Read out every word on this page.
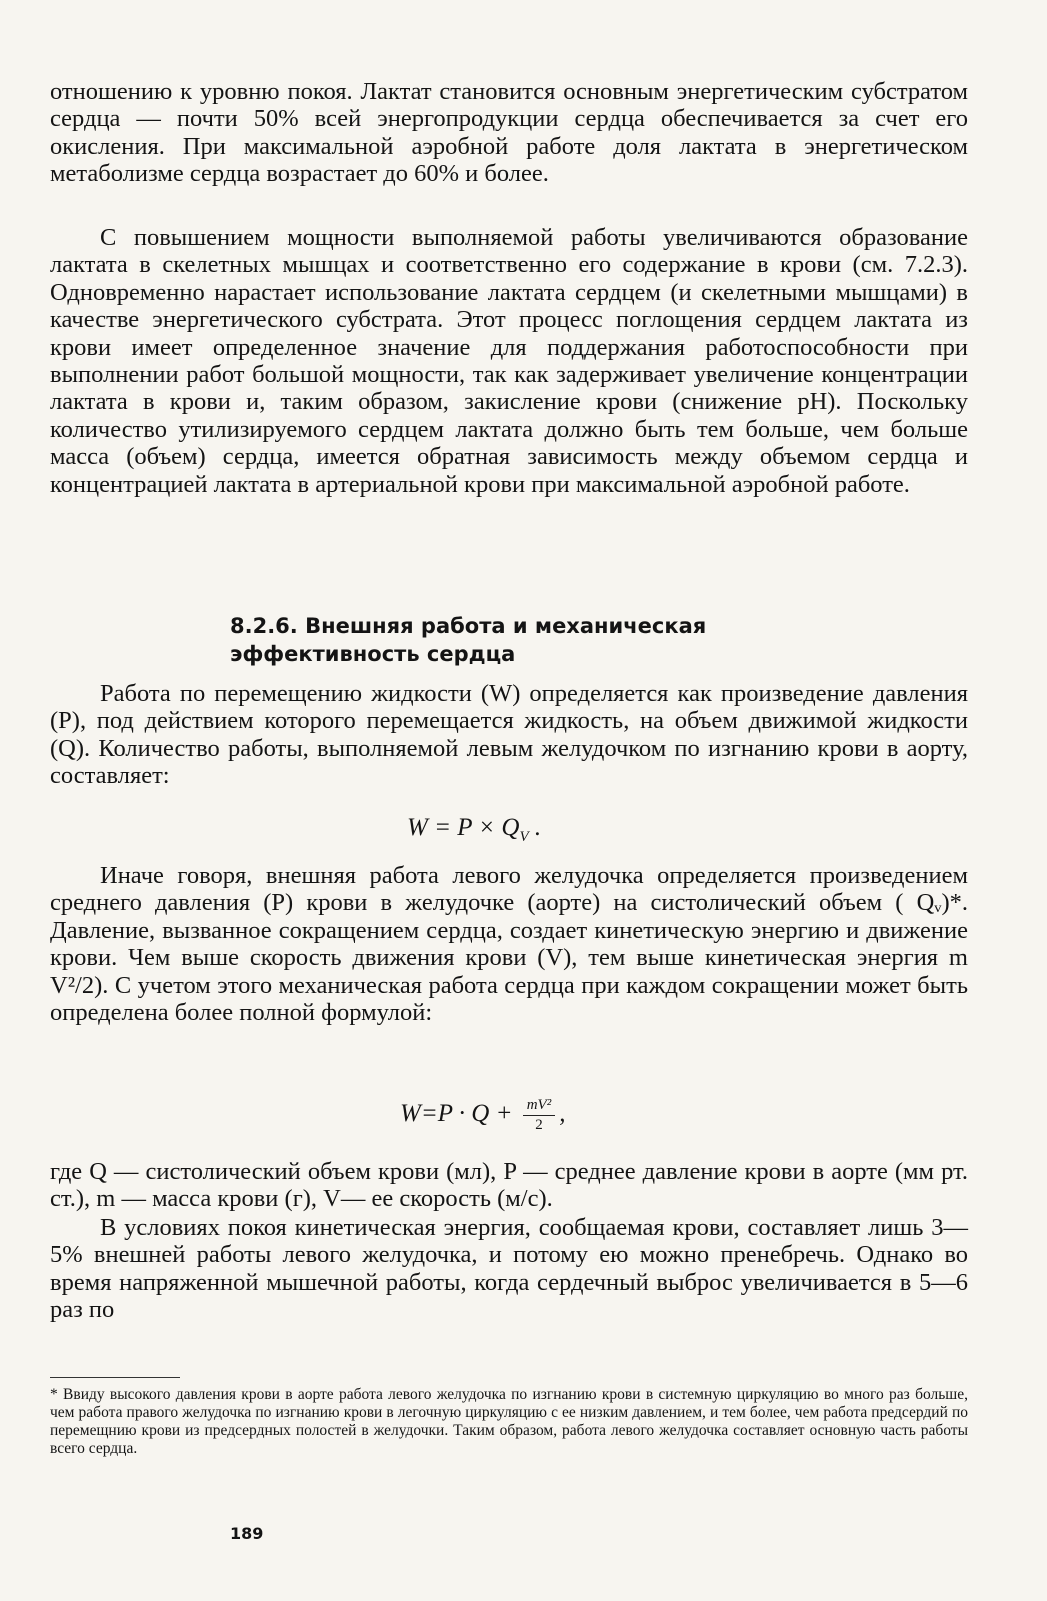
отношению к уровню покоя. Лактат становится основным энергетическим субстратом сердца — почти 50% всей энергопродукции сердца обеспечивается за счет его окисления. При максимальной аэробной работе доля лактата в энергетическом метаболизме сердца возрастает до 60% и более.

С повышением мощности выполняемой работы увеличиваются образование лактата в скелетных мышцах и соответственно его содержание в крови (см. 7.2.3). Одновременно нарастает использование лактата сердцем (и скелетными мышцами) в качестве энергетического субстрата. Этот процесс поглощения сердцем лактата из крови имеет определенное значение для поддержания работоспособности при выполнении работ большой мощности, так как задерживает увеличение концентрации лактата в крови и, таким образом, закисление крови (снижение pH). Поскольку количество утилизируемого сердцем лактата должно быть тем больше, чем больше масса (объем) сердца, имеется обратная зависимость между объемом сердца и концентрацией лактата в артериальной крови при максимальной аэробной работе.

8.2.6. Внешняя работа и механическая
эффективность сердца

Работа по перемещению жидкости (W) определяется как произведение давления (P), под действием которого перемещается жидкость, на объем движимой жидкости (Q). Количество работы, выполняемой левым желудочком по изгнанию крови в аорту, составляет:

$W = P \times Q_V$ .

Иначе говоря, внешняя работа левого желудочка определяется произведением среднего давления (P) крови в желудочке (аорте) на систолический объем ( Qᵥ)*. Давление, вызванное сокращением сердца, создает кинетическую энергию и движение крови. Чем выше скорость движения крови (V), тем выше кинетическая энергия m V²/2). С учетом этого механическая работа сердца при каждом сокращении может быть определена более полной формулой:

$W=P \cdot Q + \frac{\text{mV²}}{2}$ ,

где Q — систолический объем крови (мл), P — среднее давление крови в аорте (мм рт. ст.), m — масса крови (г), V— ее скорость (м/с).

В условиях покоя кинетическая энергия, сообщаемая крови, составляет лишь 3—5% внешней работы левого желудочка, и потому ею можно пренебречь. Однако во время напряженной мышечной работы, когда сердечный выброс увеличивается в 5—6 раз по

* Ввиду высокого давления крови в аорте работа левого желудочка по изгнанию крови в системную циркуляцию во много раз больше, чем работа правого желудочка по изгнанию крови в легочную циркуляцию с ее низким давлением, и тем более, чем работа предсердий по перемещнию крови из предсердных полостей в желудочки. Таким образом, работа левого желудочка составляет основную часть работы всего сердца.
189
